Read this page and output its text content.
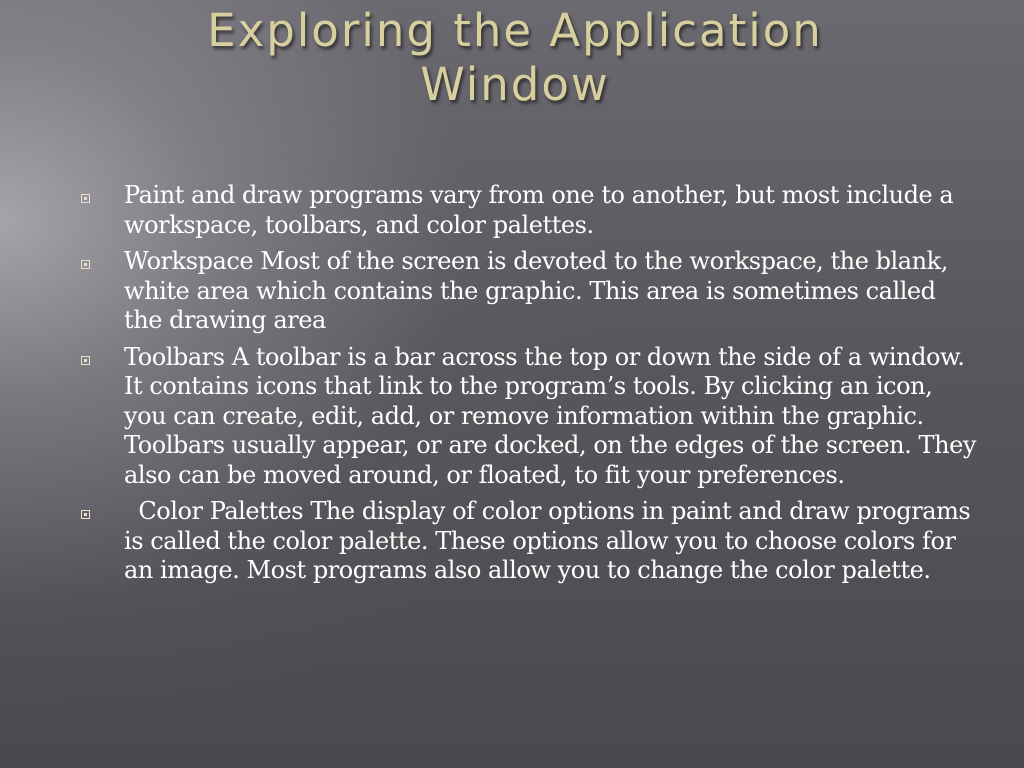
Exploring the Application
Window
Paint and draw programs vary from one to another, but most include a workspace, toolbars, and color palettes.
Workspace Most of the screen is devoted to the workspace, the blank, white area which contains the graphic. This area is sometimes called the drawing area
Toolbars A toolbar is a bar across the top or down the side of a window. It contains icons that link to the program’s tools. By clicking an icon, you can create, edit, add, or remove information within the graphic. Toolbars usually appear, or are docked, on the edges of the screen. They also can be moved around, or floated, to fit your preferences.
Color Palettes The display of color options in paint and draw programs is called the color palette. These options allow you to choose colors for an image. Most programs also allow you to change the color palette.
